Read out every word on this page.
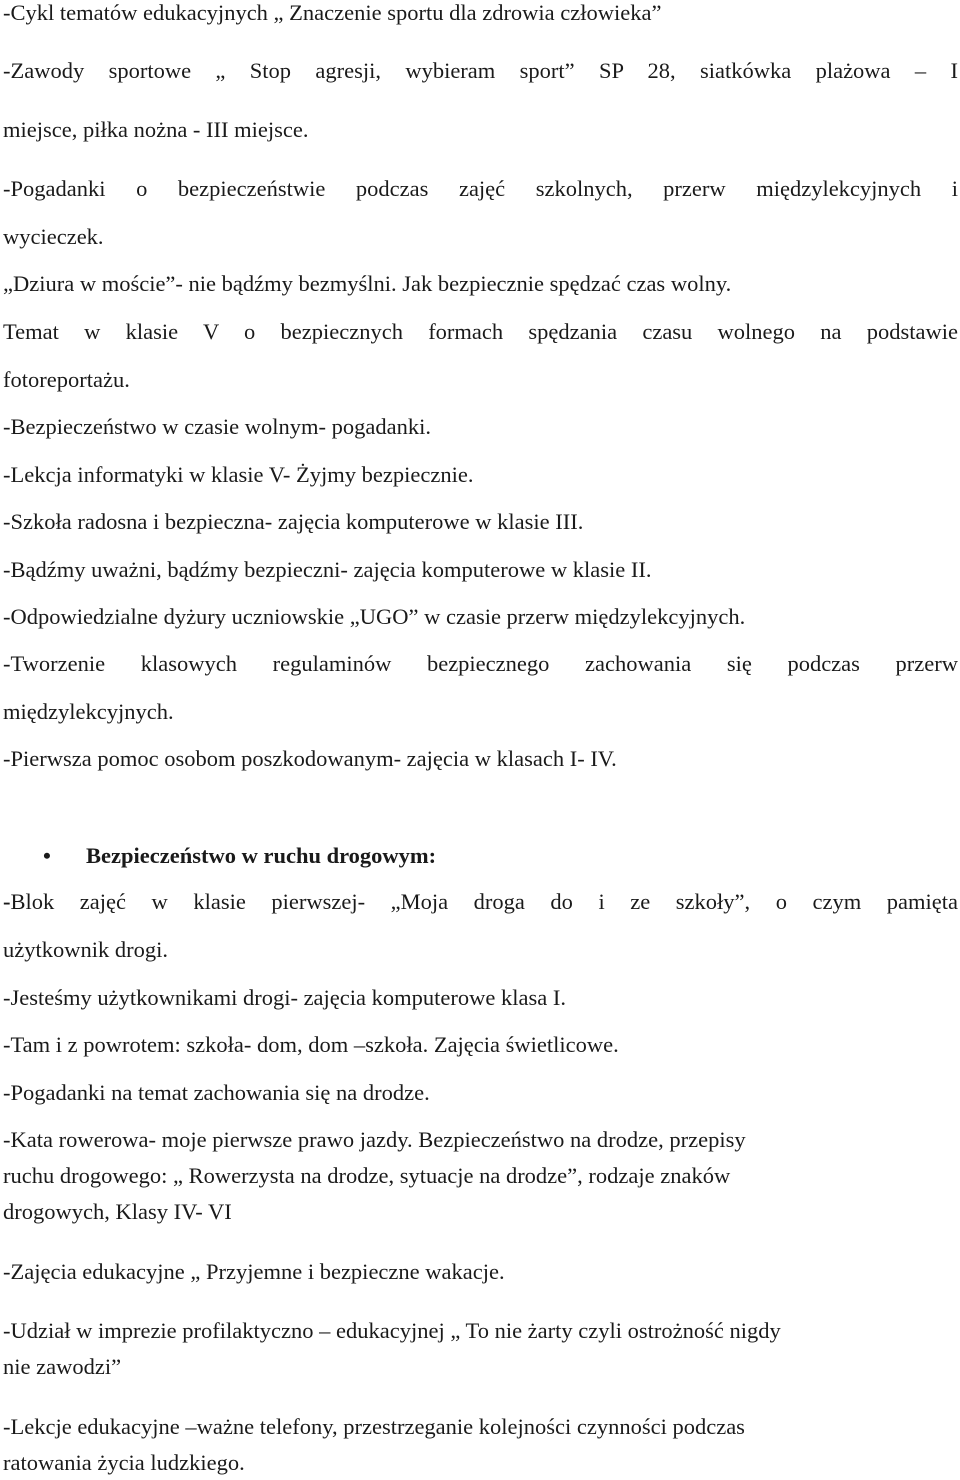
-Cykl tematów edukacyjnych „ Znaczenie sportu dla zdrowia człowieka”
-Zawody sportowe „ Stop agresji, wybieram sport” SP 28, siatkówka plażowa – I
miejsce, piłka nożna - III miejsce.
-Pogadanki o bezpieczeństwie podczas zajęć szkolnych, przerw międzylekcyjnych i
wycieczek.
„Dziura w moście”- nie bądźmy bezmyślni. Jak bezpiecznie spędzać czas wolny.
Temat w klasie V o bezpiecznych formach spędzania czasu wolnego na podstawie
fotoreportażu.
-Bezpieczeństwo w czasie wolnym- pogadanki.
-Lekcja informatyki w klasie V- Żyjmy bezpiecznie.
-Szkoła radosna i bezpieczna- zajęcia komputerowe w klasie III.
-Bądźmy uważni, bądźmy bezpieczni- zajęcia komputerowe w klasie II.
-Odpowiedzialne dyżury uczniowskie „UGO” w czasie przerw międzylekcyjnych.
-Tworzenie klasowych regulaminów bezpiecznego zachowania się podczas przerw
międzylekcyjnych.
-Pierwsza pomoc osobom poszkodowanym- zajęcia w klasach I- IV.
• Bezpieczeństwo w ruchu drogowym:
-Blok zajęć w klasie pierwszej- „Moja droga do i ze szkoły”, o czym pamięta
użytkownik drogi.
-Jesteśmy użytkownikami drogi- zajęcia komputerowe klasa I.
-Tam i z powrotem: szkoła- dom, dom –szkoła. Zajęcia świetlicowe.
-Pogadanki na temat zachowania się na drodze.
-Kata rowerowa- moje pierwsze prawo jazdy. Bezpieczeństwo na drodze, przepisy
ruchu drogowego: „ Rowerzysta na drodze, sytuacje na drodze”, rodzaje znaków
drogowych, Klasy IV- VI
-Zajęcia edukacyjne „ Przyjemne i bezpieczne wakacje.
-Udział w imprezie profilaktyczno – edukacyjnej „ To nie żarty czyli ostrożność nigdy
nie zawodzi”
-Lekcje edukacyjne –ważne telefony, przestrzeganie kolejności czynności podczas
ratowania życia ludzkiego.
